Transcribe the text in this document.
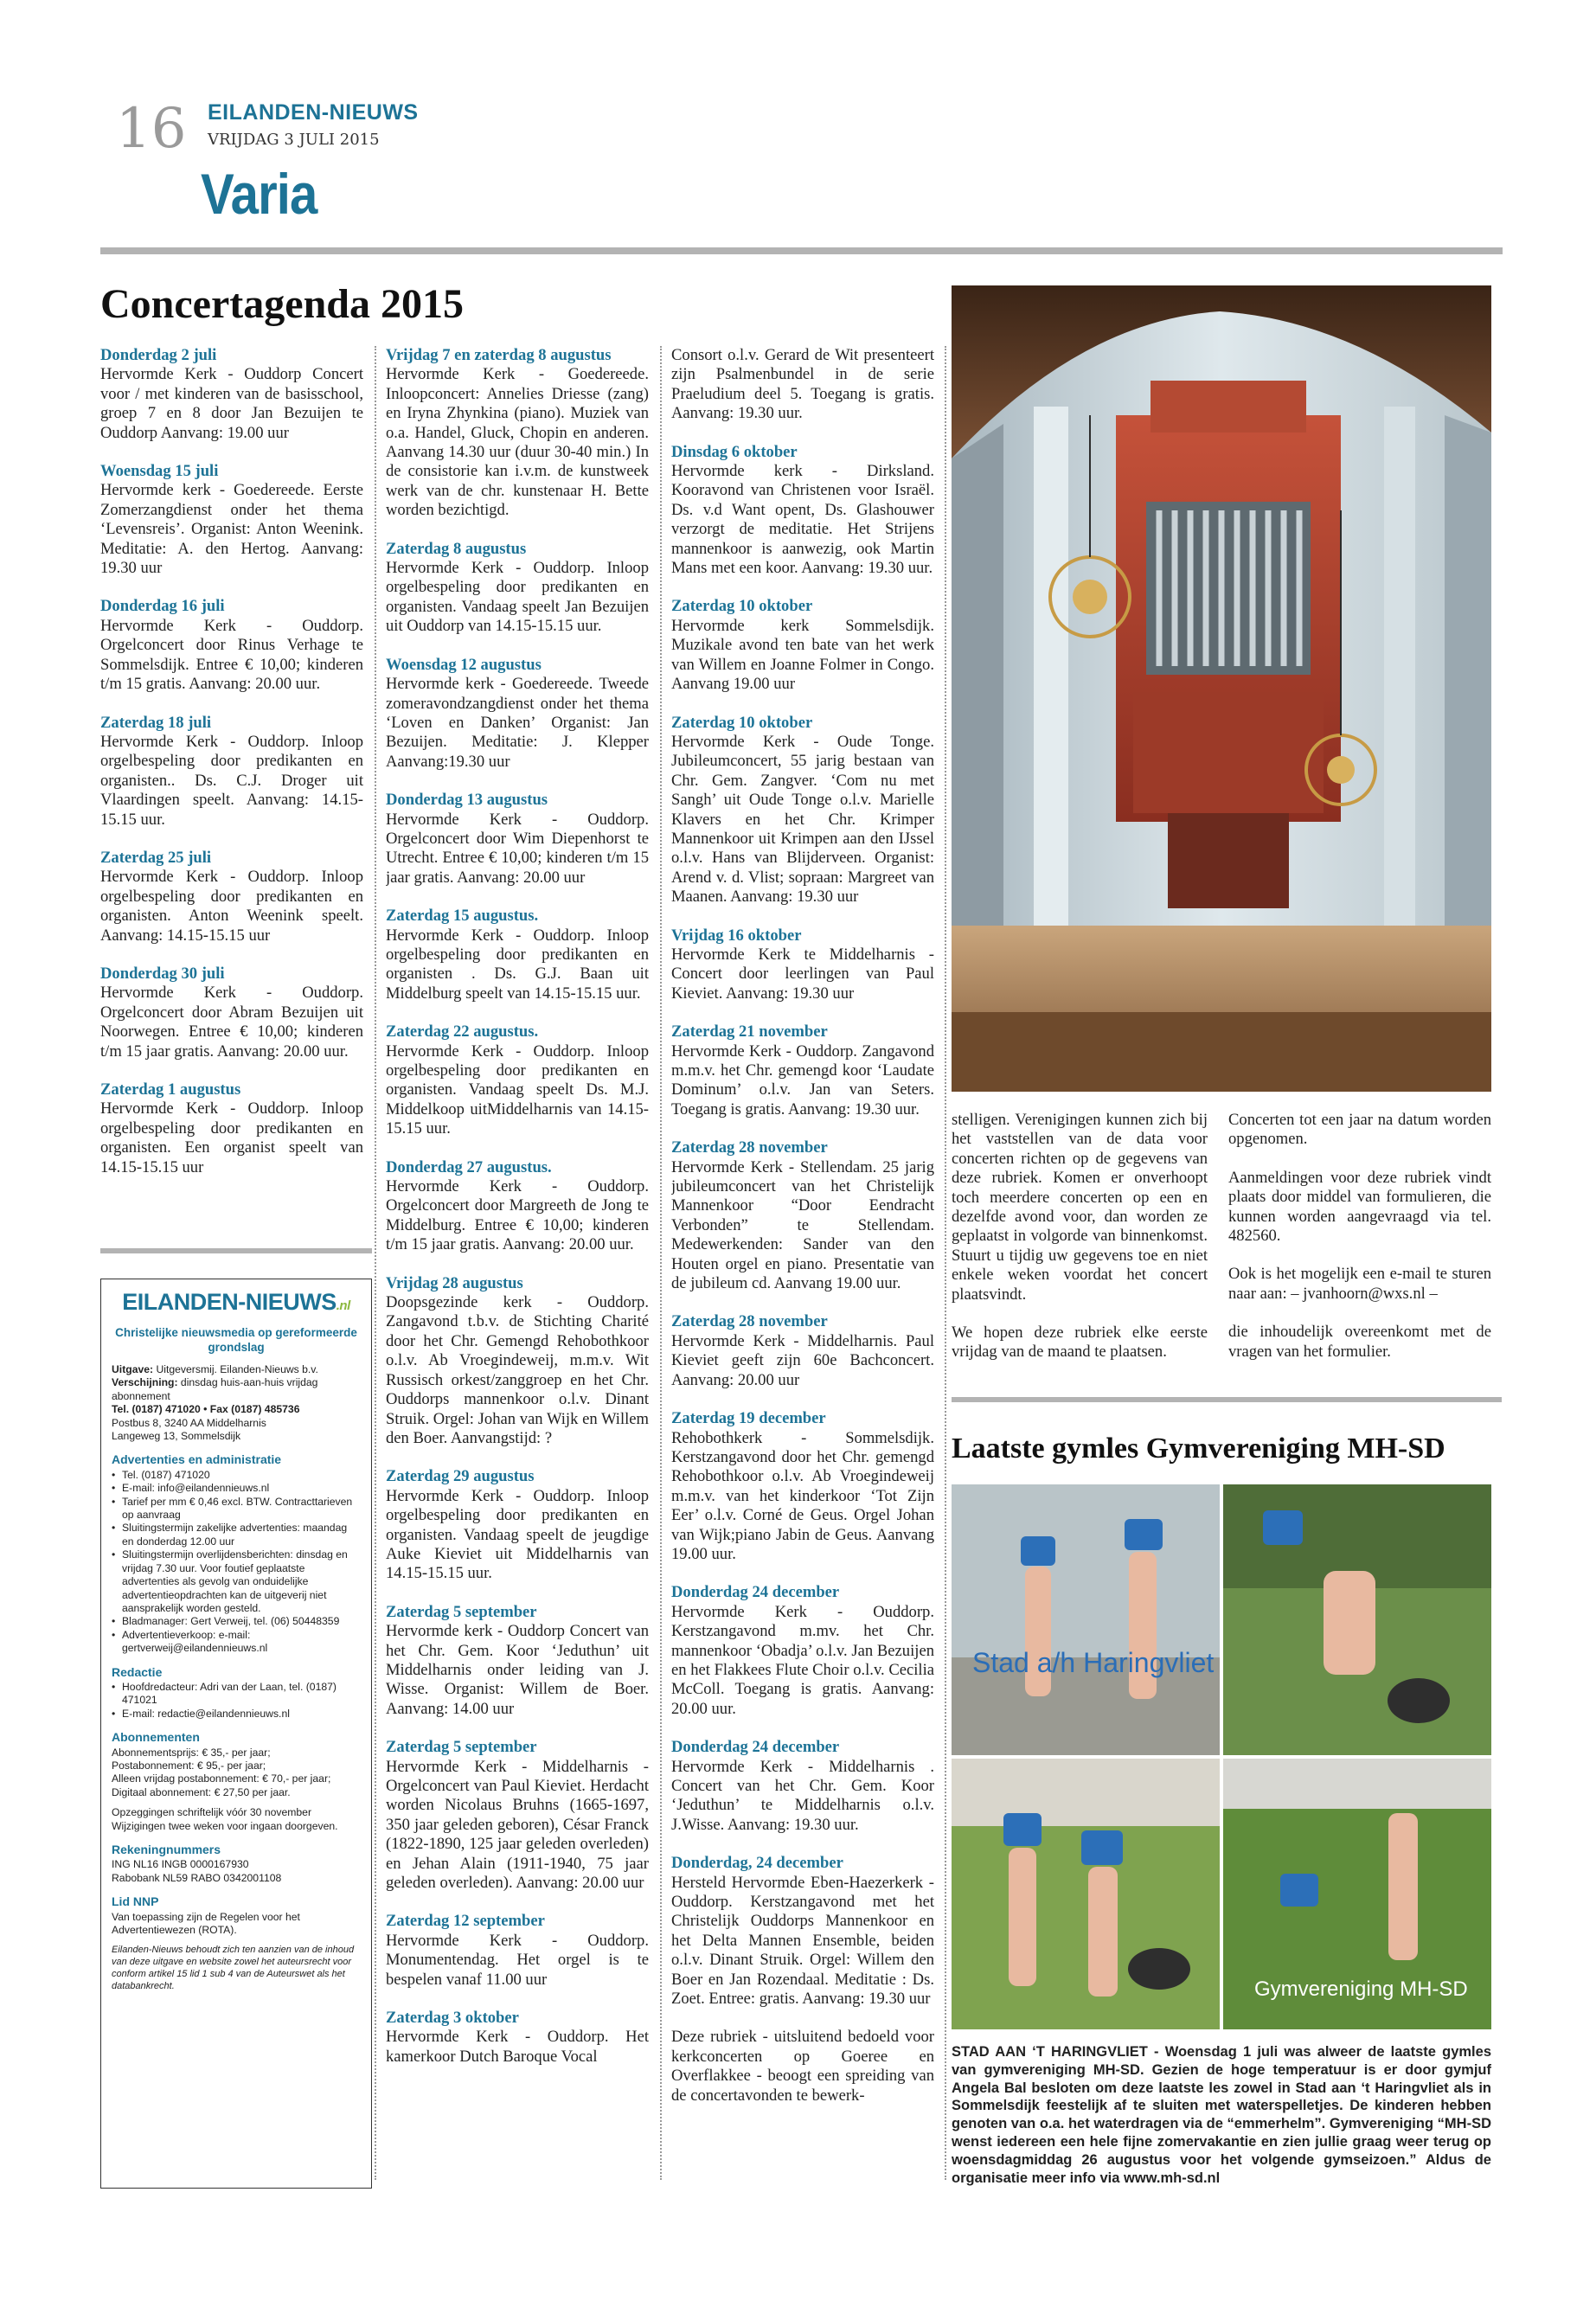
16 EILANDEN-NIEUWS
VRIJDAG 3 JULI 2015
Varia
Concertagenda 2015
Donderdag 2 juli
Hervormde Kerk - Ouddorp Concert voor / met kinderen van de basisschool, groep 7 en 8 door Jan Bezuijen te Ouddorp Aanvang: 19.00 uur
Woensdag 15 juli
Hervormde kerk - Goedereede. Eerste Zomerzangdienst onder het thema ‘Levensreis’. Organist: Anton Weenink. Meditatie: A. den Hertog. Aanvang: 19.30 uur
Donderdag 16 juli
Hervormde Kerk - Ouddorp. Orgelconcert door Rinus Verhage te Sommelsdijk. Entree € 10,00; kinderen t/m 15 gratis. Aanvang: 20.00 uur.
Zaterdag 18 juli
Hervormde Kerk - Ouddorp. Inloop orgelbespeling door predikanten en organisten.. Ds. C.J. Droger uit Vlaardingen speelt. Aanvang: 14.15-15.15 uur.
Zaterdag 25 juli
Hervormde Kerk - Ouddorp. Inloop orgelbespeling door predikanten en organisten. Anton Weenink speelt. Aanvang: 14.15-15.15 uur
Donderdag 30 juli
Hervormde Kerk - Ouddorp. Orgelconcert door Abram Bezuijen uit Noorwegen. Entree € 10,00; kinderen t/m 15 jaar gratis. Aanvang: 20.00 uur.
Zaterdag 1 augustus
Hervormde Kerk - Ouddorp. Inloop orgelbespeling door predikanten en organisten. Een organist speelt van 14.15-15.15 uur
EILANDEN-NIEUWS.nl
Christelijke nieuwsmedia op gereformeerde grondslag
Uitgave: Uitgeversmij. Eilanden-Nieuws b.v.
Verschijning: dinsdag huis-aan-huis vrijdag abonnement
Tel. (0187) 471020 • Fax (0187) 485736
Postbus 8, 3240 AA Middelharnis
Langeweg 13, Sommelsdijk
Advertenties en administratie
• Tel. (0187) 471020
• E-mail: info@eilandennieuws.nl
• Tarief per mm € 0,46 excl. BTW. Contracttarieven op aanvraag
• Sluitingstermijn zakelijke advertenties: maandag en donderdag 12.00 uur
• Sluitingstermijn overlijdensberichten: dinsdag en vrijdag 7.30 uur. Voor foutief geplaatste advertenties als gevolg van onduidelijke advertentieopdrachten kan de uitgeverij niet aansprakelijk worden gesteld.
• Bladmanager: Gert Verweij, tel. (06) 50448359
• Advertentieverkoop: e-mail: gertverweij@eilandennieuws.nl
Redactie
• Hoofdredacteur: Adri van der Laan, tel. (0187) 471021
• E-mail: redactie@eilandennieuws.nl
Abonnementen
Abonnementsprijs: € 35,- per jaar;
Postabonnement: € 95,- per jaar;
Alleen vrijdag postabonnement: € 70,- per jaar;
Digitaal abonnement: € 27,50 per jaar.
Opzeggingen schriftelijk vóór 30 november Wijzigingen twee weken voor ingaan doorgeven.
Rekeningnummers
ING NL16 INGB 0000167930
Rabobank NL59 RABO 0342001108
Lid NNP
Van toepassing zijn de Regelen voor het Advertentiewezen (ROTA).
Eilanden-Nieuws behoudt zich ten aanzien van de inhoud van deze uitgave en website zowel het auteursrecht voor conform artikel 15 lid 1 sub 4 van de Auteurswet als het databankrecht.
Vrijdag 7 en zaterdag 8 augustus
Hervormde Kerk - Goedereede. Inloopconcert: Annelies Driesse (zang) en Iryna Zhynkina (piano). Muziek van o.a. Handel, Gluck, Chopin en anderen. Aanvang 14.30 uur (duur 30-40 min.) In de consistorie kan i.v.m. de kunstweek werk van de chr. kunstenaar H. Bette worden bezichtigd.
Zaterdag 8 augustus
Hervormde Kerk - Ouddorp. Inloop orgelbespeling door predikanten en organisten. Vandaag speelt Jan Bezuijen uit Ouddorp van 14.15-15.15 uur.
Woensdag 12 augustus
Hervormde kerk - Goedereede. Tweede zomeravondzangdienst onder het thema ‘Loven en Danken’ Organist: Jan Bezuijen. Meditatie: J. Klepper Aanvang:19.30 uur
Donderdag 13 augustus
Hervormde Kerk - Ouddorp. Orgelconcert door Wim Diepenhorst te Utrecht. Entree € 10,00; kinderen t/m 15 jaar gratis. Aanvang: 20.00 uur
Zaterdag 15 augustus.
Hervormde Kerk - Ouddorp. Inloop orgelbespeling door predikanten en organisten . Ds. G.J. Baan uit Middelburg speelt van 14.15-15.15 uur.
Zaterdag 22 augustus.
Hervormde Kerk - Ouddorp. Inloop orgelbespeling door predikanten en organisten. Vandaag speelt Ds. M.J. Middelkoop uitMiddelharnis van 14.15-15.15 uur.
Donderdag 27 augustus.
Hervormde Kerk - Ouddorp. Orgelconcert door Margreeth de Jong te Middelburg. Entree € 10,00; kinderen t/m 15 jaar gratis. Aanvang: 20.00 uur.
Vrijdag 28 augustus
Doopsgezinde kerk - Ouddorp. Zangavond t.b.v. de Stichting Charité door het Chr. Gemengd Rehobothkoor o.l.v. Ab Vroegindeweij, m.m.v. Wit Russisch orkest/zanggroep en het Chr. Ouddorps mannenkoor o.l.v. Dinant Struik. Orgel: Johan van Wijk en Willem den Boer. Aanvangstijd: ?
Zaterdag 29 augustus
Hervormde Kerk - Ouddorp. Inloop orgelbespeling door predikanten en organisten. Vandaag speelt de jeugdige Auke Kieviet uit Middelharnis van 14.15-15.15 uur.
Zaterdag 5 september
Hervormde kerk - Ouddorp Concert van het Chr. Gem. Koor ‘Jeduthun’ uit Middelharnis onder leiding van J. Wisse. Organist: Willem de Boer. Aanvang: 14.00 uur
Zaterdag 5 september
Hervormde Kerk - Middelharnis - Orgelconcert van Paul Kieviet. Herdacht worden Nicolaus Bruhns (1665-1697, 350 jaar geleden geboren), César Franck (1822-1890, 125 jaar geleden overleden) en Jehan Alain (1911-1940, 75 jaar geleden overleden). Aanvang: 20.00 uur
Zaterdag 12 september
Hervormde Kerk - Ouddorp. Monumentendag. Het orgel is te bespelen vanaf 11.00 uur
Zaterdag 3 oktober
Hervormde Kerk - Ouddorp. Het kamerkoor Dutch Baroque Vocal
Consort o.l.v. Gerard de Wit presenteert zijn Psalmenbundel in de serie Praeludium deel 5. Toegang is gratis. Aanvang: 19.30 uur.
Dinsdag 6 oktober
Hervormde kerk - Dirksland. Kooravond van Christenen voor Israël. Ds. v.d Want opent, Ds. Glashouwer verzorgt de meditatie. Het Strijens mannenkoor is aanwezig, ook Martin Mans met een koor. Aanvang: 19.30 uur.
Zaterdag 10 oktober
Hervormde kerk Sommelsdijk. Muzikale avond ten bate van het werk van Willem en Joanne Folmer in Congo. Aanvang 19.00 uur
Zaterdag 10 oktober
Hervormde Kerk - Oude Tonge. Jubileumconcert, 55 jarig bestaan van Chr. Gem. Zangver. ‘Com nu met Sangh’ uit Oude Tonge o.l.v. Marielle Klavers en het Chr. Krimper Mannenkoor uit Krimpen aan den IJssel o.l.v. Hans van Blijderveen. Organist: Arend v. d. Vlist; sopraan: Margreet van Maanen. Aanvang: 19.30 uur
Vrijdag 16 oktober
Hervormde Kerk te Middelharnis - Concert door leerlingen van Paul Kieviet. Aanvang: 19.30 uur
Zaterdag 21 november
Hervormde Kerk - Ouddorp. Zangavond m.m.v. het Chr. gemengd koor ‘Laudate Dominum’ o.l.v. Jan van Seters. Toegang is gratis. Aanvang: 19.30 uur.
Zaterdag 28 november
Hervormde Kerk - Stellendam. 25 jarig jubileumconcert van het Christelijk Mannenkoor “Door Eendracht Verbonden” te Stellendam. Medewerkenden: Sander van den Houten orgel en piano. Presentatie van de jubileum cd. Aanvang 19.00 uur.
Zaterdag 28 november
Hervormde Kerk - Middelharnis. Paul Kieviet geeft zijn 60e Bachconcert. Aanvang: 20.00 uur
Zaterdag 19 december
Rehobothkerk - Sommelsdijk. Kerstzangavond door het Chr. gemengd Rehobothkoor o.l.v. Ab Vroegindeweij m.m.v. van het kinderkoor ‘Tot Zijn Eer’ o.l.v. Corné de Geus. Orgel Johan van Wijk;piano Jabin de Geus. Aanvang 19.00 uur.
Donderdag 24 december
Hervormde Kerk - Ouddorp. Kerstzangavond m.mv. het Chr. mannenkoor ‘Obadja’ o.l.v. Jan Bezuijen en het Flakkees Flute Choir o.l.v. Cecilia McColl. Toegang is gratis. Aanvang: 20.00 uur.
Donderdag 24 december
Hervormde Kerk - Middelharnis . Concert van het Chr. Gem. Koor ‘Jeduthun’ te Middelharnis o.l.v. J.Wisse. Aanvang: 19.30 uur.
Donderdag, 24 december
Hersteld Hervormde Eben-Haezerkerk - Ouddorp. Kerstzangavond met het Christelijk Ouddorps Mannenkoor en het Delta Mannen Ensemble, beiden o.l.v. Dinant Struik. Orgel: Willem den Boer en Jan Rozendaal. Meditatie : Ds. Zoet. Entree: gratis. Aanvang: 19.30 uur
Deze rubriek - uitsluitend bedoeld voor kerkconcerten op Goeree en Overflakkee - beoogt een spreiding van de concertavonden te bewerk-

stelligen. Verenigingen kunnen zich bij het vaststellen van de data voor concerten richten op de gegevens van deze rubriek. Komen er onverhoopt toch meerdere concerten op een en dezelfde avond voor, dan worden ze geplaatst in volgorde van binnenkomst. Stuurt u tijdig uw gegevens toe en niet enkele weken voordat het concert plaatsvindt.

We hopen deze rubriek elke eerste vrijdag van de maand te plaatsen.

Concerten tot een jaar na datum worden opgenomen.

Aanmeldingen voor deze rubriek vindt plaats door middel van formulieren, die kunnen worden aangevraagd via tel. 482560.

Ook is het mogelijk een e-mail te sturen naar aan: – jvanhoorn@wxs.nl –

die inhoudelijk overeenkomt met de vragen van het formulier.

Laatste gymles Gymvereniging MH-SD
Stad a/h Haringvliet
Gymvereniging MH-SD
STAD AAN ‘T HARINGVLIET - Woensdag 1 juli was alweer de laatste gymles van gymvereniging MH-SD. Gezien de hoge temperatuur is er door gymjuf Angela Bal besloten om deze laatste les zowel in Stad aan ‘t Haringvliet als in Sommelsdijk feestelijk af te sluiten met waterspelletjes. De kinderen hebben genoten van o.a. het waterdragen via de “emmerhelm”. Gymvereniging “MH-SD wenst iedereen een hele fijne zomervakantie en zien jullie graag weer terug op woensdagmiddag 26 augustus voor het volgende gymseizoen.” Aldus de organisatie meer info via www.mh-sd.nl
